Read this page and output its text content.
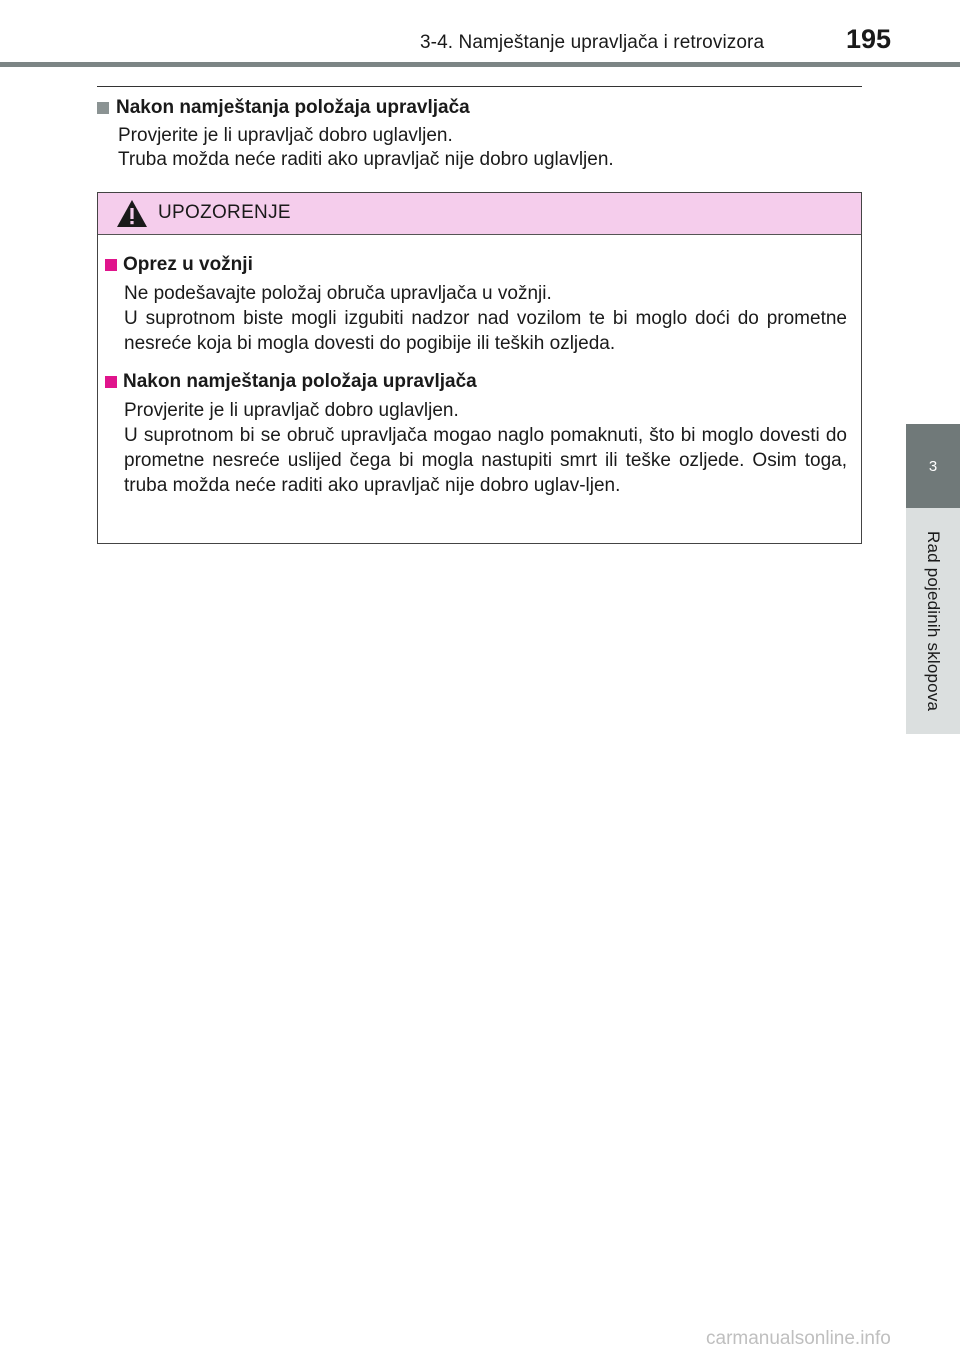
3-4. Namještanje upravljača i retrovizora	195
3
Rad pojedinih sklopova
Nakon namještanja položaja upravljača
Provjerite je li upravljač dobro uglavljen.
Truba možda neće raditi ako upravljač nije dobro uglavljen.
UPOZORENJE
Oprez u vožnji
Ne podešavajte položaj obruča upravljača u vožnji.
U suprotnom biste mogli izgubiti nadzor nad vozilom te bi moglo doći do prometne nesreće koja bi mogla dovesti do pogibije ili teških ozljeda.
Nakon namještanja položaja upravljača
Provjerite je li upravljač dobro uglavljen.
U suprotnom bi se obruč upravljača mogao naglo pomaknuti, što bi moglo dovesti do prometne nesreće uslijed čega bi mogla nastupiti smrt ili teške ozljede. Osim toga, truba možda neće raditi ako upravljač nije dobro uglav-ljen.
carmanualsonline.info
